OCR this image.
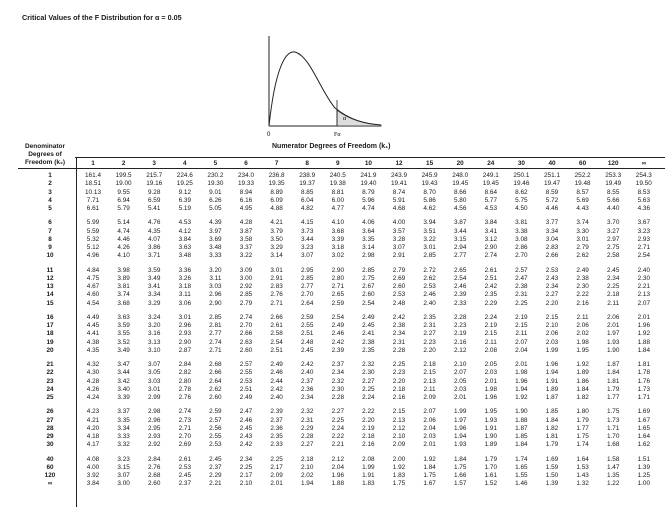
Critical Values of the F Distribution for α = 0.05
α
0	Fα
Numerator Degrees of Freedom (k₁)
Denominator
Degrees of
Freedom (k₂)	1	2	3	4	5	6	7	8	9	10	12	15	20	24	30	40	60	120	∞
1	161.4	199.5	215.7	224.6	230.2	234.0	236.8	238.9	240.5	241.9	243.9	245.9	248.0	249.1	250.1	251.1	252.2	253.3	254.3
2	18.51	19.00	19.16	19.25	19.30	19.33	19.35	19.37	19.38	19.40	19.41	19.43	19.45	19.45	19.46	19.47	19.48	19.49	19.50
3	10.13	9.55	9.28	9.12	9.01	8.94	8.89	8.85	8.81	8.79	8.74	8.70	8.66	8.64	8.62	8.59	8.57	8.55	8.53
4	7.71	6.94	6.59	6.39	6.26	6.16	6.09	6.04	6.00	5.96	5.91	5.86	5.80	5.77	5.75	5.72	5.69	5.66	5.63
5	6.61	5.79	5.41	5.19	5.05	4.95	4.88	4.82	4.77	4.74	4.68	4.62	4.56	4.53	4.50	4.46	4.43	4.40	4.36
6	5.99	5.14	4.76	4.53	4.39	4.28	4.21	4.15	4.10	4.06	4.00	3.94	3.87	3.84	3.81	3.77	3.74	3.70	3.67
7	5.59	4.74	4.35	4.12	3.97	3.87	3.79	3.73	3.68	3.64	3.57	3.51	3.44	3.41	3.38	3.34	3.30	3.27	3.23
8	5.32	4.46	4.07	3.84	3.69	3.58	3.50	3.44	3.39	3.35	3.28	3.22	3.15	3.12	3.08	3.04	3.01	2.97	2.93
9	5.12	4.26	3.86	3.63	3.48	3.37	3.29	3.23	3.18	3.14	3.07	3.01	2.94	2.90	2.86	2.83	2.79	2.75	2.71
10	4.96	4.10	3.71	3.48	3.33	3.22	3.14	3.07	3.02	2.98	2.91	2.85	2.77	2.74	2.70	2.66	2.62	2.58	2.54
11	4.84	3.98	3.59	3.36	3.20	3.09	3.01	2.95	2.90	2.85	2.79	2.72	2.65	2.61	2.57	2.53	2.49	2.45	2.40
12	4.75	3.89	3.49	3.26	3.11	3.00	2.91	2.85	2.80	2.75	2.69	2.62	2.54	2.51	2.47	2.43	2.38	2.34	2.30
13	4.67	3.81	3.41	3.18	3.03	2.92	2.83	2.77	2.71	2.67	2.60	2.53	2.46	2.42	2.38	2.34	2.30	2.25	2.21
14	4.60	3.74	3.34	3.11	2.96	2.85	2.76	2.70	2.65	2.60	2.53	2.46	2.39	2.35	2.31	2.27	2.22	2.18	2.13
15	4.54	3.68	3.29	3.06	2.90	2.79	2.71	2.64	2.59	2.54	2.48	2.40	2.33	2.29	2.25	2.20	2.16	2.11	2.07
16	4.49	3.63	3.24	3.01	2.85	2.74	2.66	2.59	2.54	2.49	2.42	2.35	2.28	2.24	2.19	2.15	2.11	2.06	2.01
17	4.45	3.59	3.20	2.96	2.81	2.70	2.61	2.55	2.49	2.45	2.38	2.31	2.23	2.19	2.15	2.10	2.06	2.01	1.96
18	4.41	3.55	3.16	2.93	2.77	2.66	2.58	2.51	2.46	2.41	2.34	2.27	2.19	2.15	2.11	2.06	2.02	1.97	1.92
19	4.38	3.52	3.13	2.90	2.74	2.63	2.54	2.48	2.42	2.38	2.31	2.23	2.16	2.11	2.07	2.03	1.98	1.93	1.88
20	4.35	3.49	3.10	2.87	2.71	2.60	2.51	2.45	2.39	2.35	2.28	2.20	2.12	2.08	2.04	1.99	1.95	1.90	1.84
21	4.32	3.47	3.07	2.84	2.68	2.57	2.49	2.42	2.37	2.32	2.25	2.18	2.10	2.05	2.01	1.96	1.92	1.87	1.81
22	4.30	3.44	3.05	2.82	2.66	2.55	2.46	2.40	2.34	2.30	2.23	2.15	2.07	2.03	1.98	1.94	1.89	1.84	1.78
23	4.28	3.42	3.03	2.80	2.64	2.53	2.44	2.37	2.32	2.27	2.20	2.13	2.05	2.01	1.96	1.91	1.86	1.81	1.76
24	4.26	3.40	3.01	2.78	2.62	2.51	2.42	2.36	2.30	2.25	2.18	2.11	2.03	1.98	1.94	1.89	1.84	1.79	1.73
25	4.24	3.39	2.99	2.76	2.60	2.49	2.40	2.34	2.28	2.24	2.16	2.09	2.01	1.96	1.92	1.87	1.82	1.77	1.71
26	4.23	3.37	2.98	2.74	2.59	2.47	2.39	2.32	2.27	2.22	2.15	2.07	1.99	1.95	1.90	1.85	1.80	1.75	1.69
27	4.21	3.35	2.96	2.73	2.57	2.46	2.37	2.31	2.25	2.20	2.13	2.06	1.97	1.93	1.88	1.84	1.79	1.73	1.67
28	4.20	3.34	2.95	2.71	2.56	2.45	2.36	2.29	2.24	2.19	2.12	2.04	1.96	1.91	1.87	1.82	1.77	1.71	1.65
29	4.18	3.33	2.93	2.70	2.55	2.43	2.35	2.28	2.22	2.18	2.10	2.03	1.94	1.90	1.85	1.81	1.75	1.70	1.64
30	4.17	3.32	2.92	2.69	2.53	2.42	2.33	2.27	2.21	2.16	2.09	2.01	1.93	1.89	1.84	1.79	1.74	1.68	1.62
40	4.08	3.23	2.84	2.61	2.45	2.34	2.25	2.18	2.12	2.08	2.00	1.92	1.84	1.79	1.74	1.69	1.64	1.58	1.51
60	4.00	3.15	2.76	2.53	2.37	2.25	2.17	2.10	2.04	1.99	1.92	1.84	1.75	1.70	1.65	1.59	1.53	1.47	1.39
120	3.92	3.07	2.68	2.45	2.29	2.17	2.09	2.02	1.96	1.91	1.83	1.75	1.66	1.61	1.55	1.50	1.43	1.35	1.25
∞	3.84	3.00	2.60	2.37	2.21	2.10	2.01	1.94	1.88	1.83	1.75	1.67	1.57	1.52	1.46	1.39	1.32	1.22	1.00
